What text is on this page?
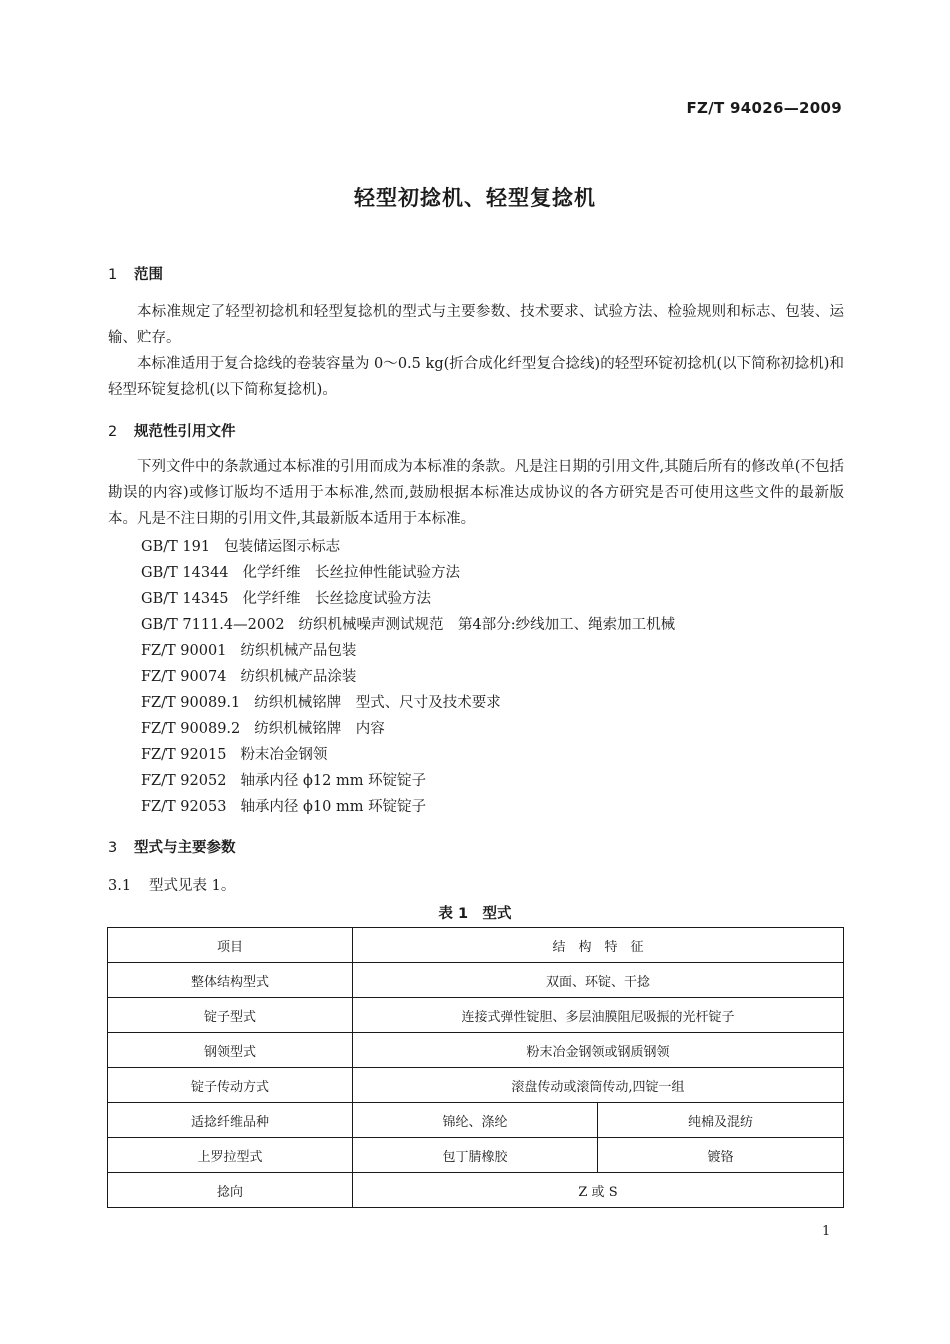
FZ/T 94026—2009
轻型初捻机、轻型复捻机
1 范围
本标准规定了轻型初捻机和轻型复捻机的型式与主要参数、技术要求、试验方法、检验规则和标志、包装、运输、贮存。
本标准适用于复合捻线的卷装容量为 0～0.5 kg(折合成化纤型复合捻线)的轻型环锭初捻机(以下简称初捻机)和轻型环锭复捻机(以下简称复捻机)。
2 规范性引用文件
下列文件中的条款通过本标准的引用而成为本标准的条款。凡是注日期的引用文件,其随后所有的修改单(不包括勘误的内容)或修订版均不适用于本标准,然而,鼓励根据本标准达成协议的各方研究是否可使用这些文件的最新版本。凡是不注日期的引用文件,其最新版本适用于本标准。
GB/T 191 包装储运图示标志
GB/T 14344 化学纤维　长丝拉伸性能试验方法
GB/T 14345 化学纤维　长丝捻度试验方法
GB/T 7111.4—2002 纺织机械噪声测试规范　第4部分:纱线加工、绳索加工机械
FZ/T 90001 纺织机械产品包装
FZ/T 90074 纺织机械产品涂装
FZ/T 90089.1 纺织机械铭牌　型式、尺寸及技术要求
FZ/T 90089.2 纺织机械铭牌　内容
FZ/T 92015 粉末冶金钢领
FZ/T 92052 轴承内径 ϕ12 mm 环锭锭子
FZ/T 92053 轴承内径 ϕ10 mm 环锭锭子
3 型式与主要参数
3.1 型式见表 1。
表 1　型式
项目	结　构　特　征	
整体结构型式	双面、环锭、干捻	
锭子型式	连接式弹性锭胆、多层油膜阻尼吸振的光杆锭子	
钢领型式	粉末冶金钢领或钢质钢领	
锭子传动方式	滚盘传动或滚筒传动,四锭一组	
适捻纤维品种	锦纶、涤纶	纯棉及混纺
上罗拉型式	包丁腈橡胶	镀铬
捻向	Z 或 S	
1
